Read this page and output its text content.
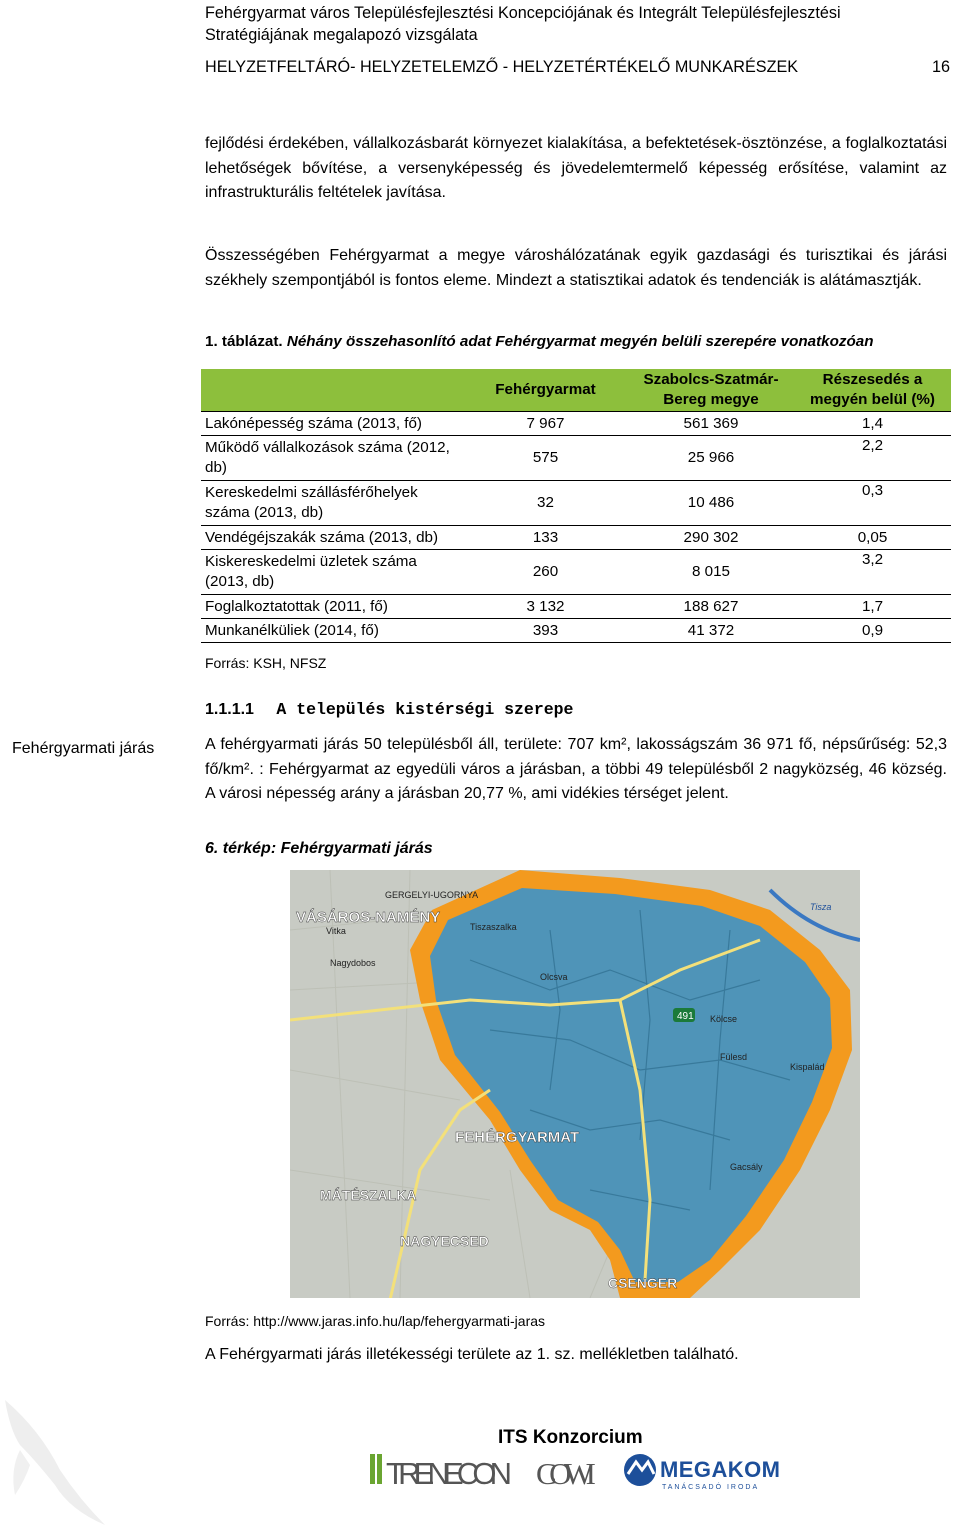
Fehérgyarmat város Településfejlesztési Koncepciójának és Integrált Településfejlesztési
Stratégiájának megalapozó vizsgálata
HELYZETFELTÁRÓ- HELYZETELEMZŐ - HELYZETÉRTÉKELŐ MUNKARÉSZEK	16
fejlődési érdekében, vállalkozásbarát környezet kialakítása, a befektetések-ösztönzése, a foglalkoztatási lehetőségek bővítése, a versenyképesség és jövedelemtermelő képesség erősítése, valamint az infrastrukturális feltételek javítása.
Összességében Fehérgyarmat a megye városhálózatának egyik gazdasági és turisztikai és járási székhely szempontjából is fontos eleme. Mindezt a statisztikai adatok és tendenciák is alátámasztják.
1. táblázat. Néhány összehasonlító adat Fehérgyarmat megyén belüli szerepére vonatkozóan
	Fehérgyarmat	Szabolcs-Szatmár-Bereg megye	Részesedés a megyén belül (%)
Lakónépesség száma (2013, fő)	7 967	561 369	1,4
Működő vállalkozások száma (2012, db)	575	25 966	2,2
Kereskedelmi szállásférőhelyek száma (2013, db)	32	10 486	0,3
Vendégéjszakák száma (2013, db)	133	290 302	0,05
Kiskereskedelmi üzletek száma (2013, db)	260	8 015	3,2
Foglalkoztatottak (2011, fő)	3 132	188 627	1,7
Munkanélküliek (2014, fő)	393	41 372	0,9
Forrás: KSH, NFSZ
1.1.1.1 A település kistérségi szerepe
Fehérgyarmati járás	A fehérgyarmati járás 50 településből áll, területe: 707 km², lakosságszám 36 971 fő, népsűrűség: 52,3 fő/km². : Fehérgyarmat az egyedüli város a járásban, a többi 49 településből 2 nagyközség, 46 község. A városi népesség arány a járásban 20,77 %, ami vidékies térséget jelent.
6. térkép: Fehérgyarmati járás
VÁSÁROS-NAMÉNY
FEHÉRGYARMAT
MÁTÉSZALKA
NAGYECSED
CSENGER
GERGELYI-UGORNYA
Tiszaszalka
Vitka
Nagydobos
Olcsva
Kölcse
Fülesd
Kispalád
Gacsály
Tisza
491
Forrás: http://www.jaras.info.hu/lap/fehergyarmati-jaras
A Fehérgyarmati járás illetékességi területe az 1. sz. mellékletben található.
ITS Konzorcium
TRENECON COWI	MEGAKOM
TANÁCSADÓ IRODA
